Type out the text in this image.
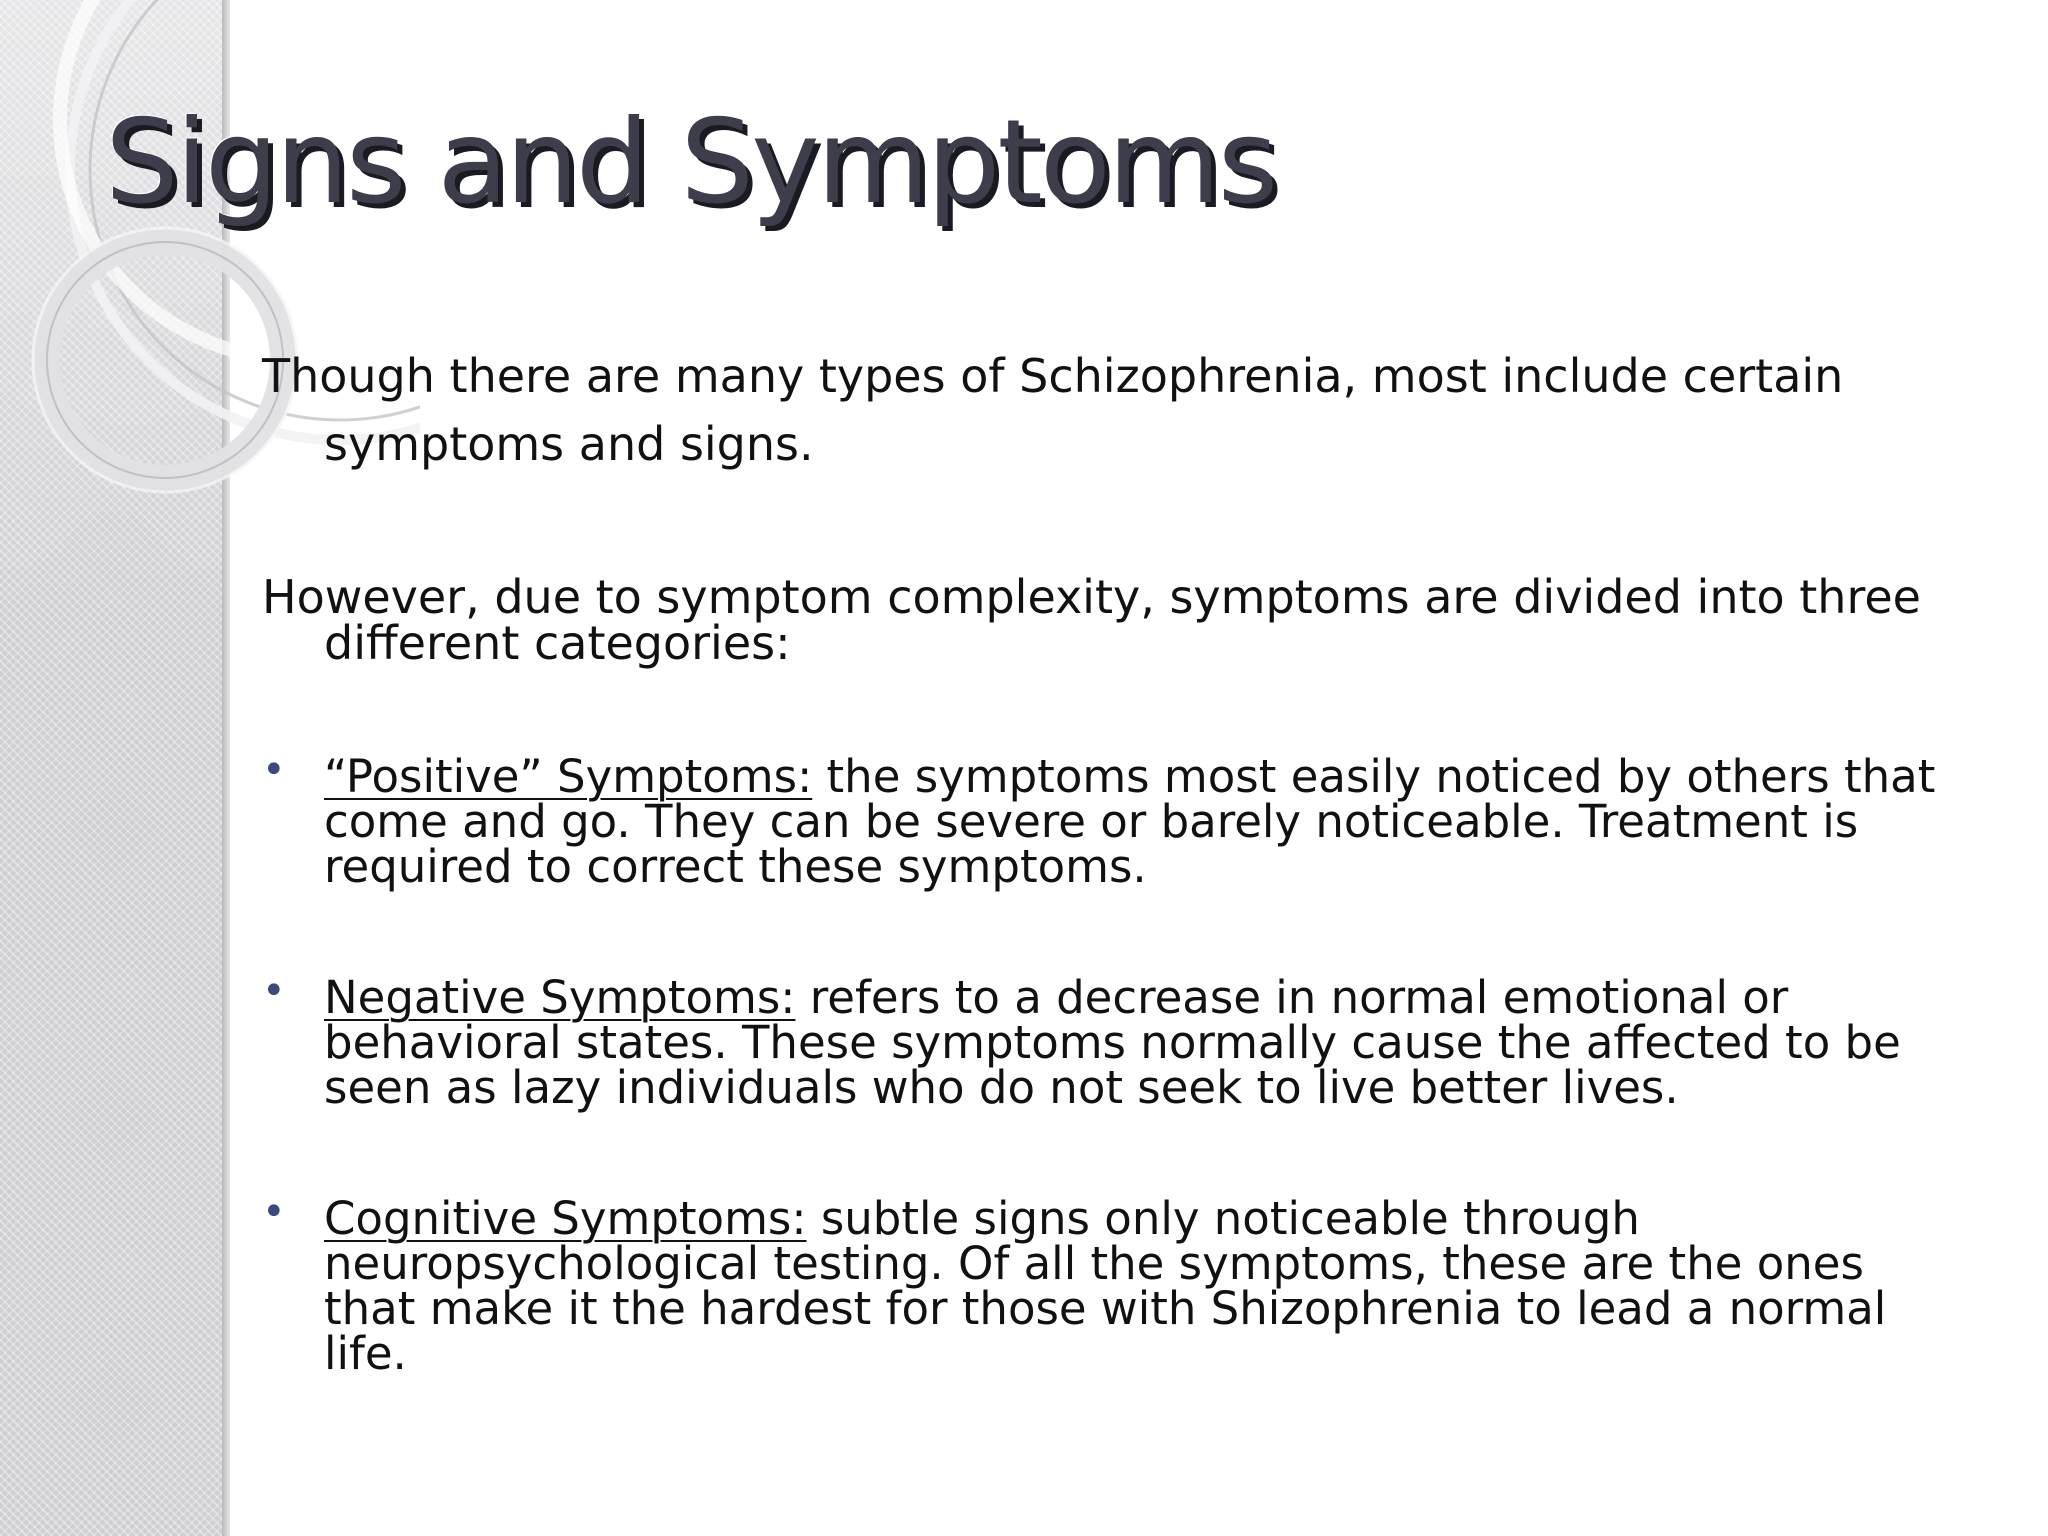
Signs and Symptoms

Though there are many types of Schizophrenia, most include certain symptoms and signs.

However, due to symptom complexity, symptoms are divided into three different categories:

• “Positive” Symptoms: the symptoms most easily noticed by others that come and go. They can be severe or barely noticeable. Treatment is required to correct these symptoms.
• Negative Symptoms: refers to a decrease in normal emotional or behavioral states. These symptoms normally cause the affected to be seen as lazy individuals who do not seek to live better lives.
• Cognitive Symptoms: subtle signs only noticeable through neuropsychological testing. Of all the symptoms, these are the ones that make it the hardest for those with Shizophrenia to lead a normal life.
